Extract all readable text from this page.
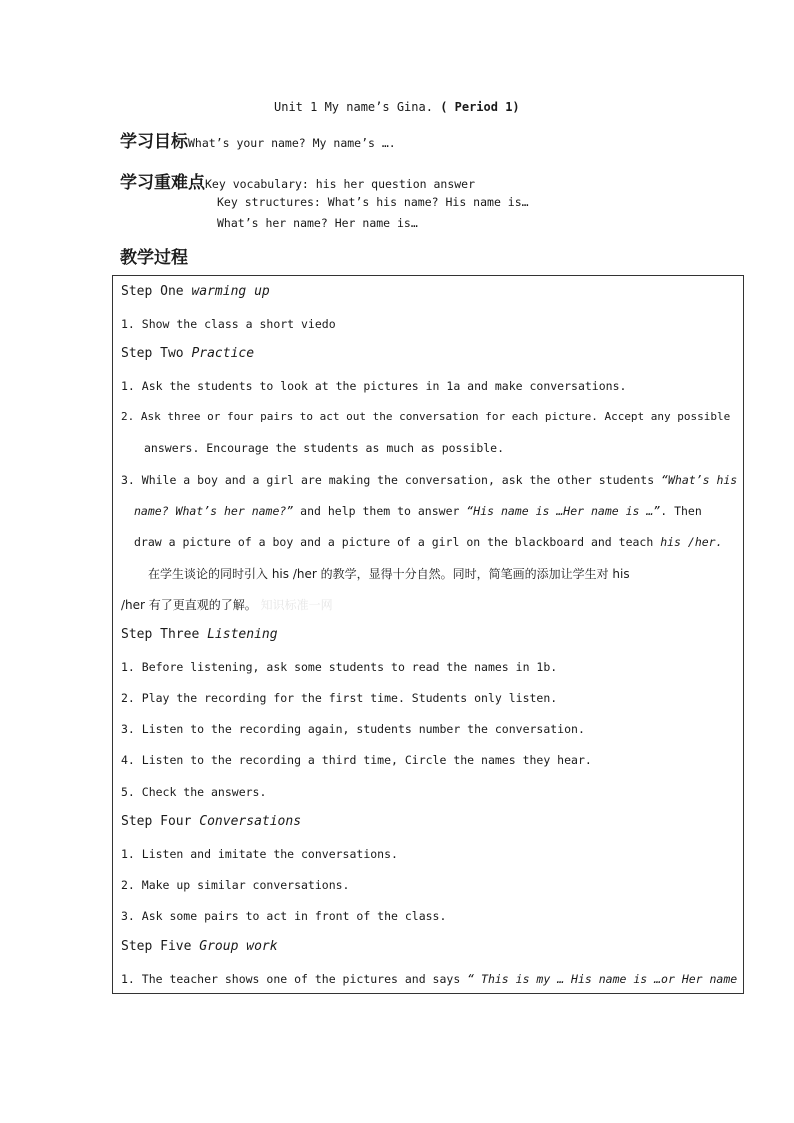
Unit 1 My name’s Gina. ( Period 1)
学习目标What’s your name? My name’s ….
学习重难点Key vocabulary: his her question answer
Key structures: What’s his name? His name is…
What’s her name? Her name is…
教学过程
Step One warming up
1. Show the class a short viedo
Step Two Practice
1. Ask the students to look at the pictures in 1a and make conversations.
2. Ask three or four pairs to act out the conversation for each picture. Accept any possible
answers. Encourage the students as much as possible.
3. While a boy and a girl are making the conversation, ask the other students “What’s his
name? What’s her name?” and help them to answer “His name is …Her name is …”. Then
draw a picture of a boy and a picture of a girl on the blackboard and teach his /her.
在学生谈论的同时引入 his /her 的教学，显得十分自然。同时，简笔画的添加让学生对 his
/her 有了更直观的了解。 知识标准一网
Step Three Listening
1. Before listening, ask some students to read the names in 1b.
2. Play the recording for the first time. Students only listen.
3. Listen to the recording again, students number the conversation.
4. Listen to the recording a third time, Circle the names they hear.
5. Check the answers.
Step Four Conversations
1. Listen and imitate the conversations.
2. Make up similar conversations.
3. Ask some pairs to act in front of the class.
Step Five Group work
1. The teacher shows one of the pictures and says “ This is my … His name is …or Her name
